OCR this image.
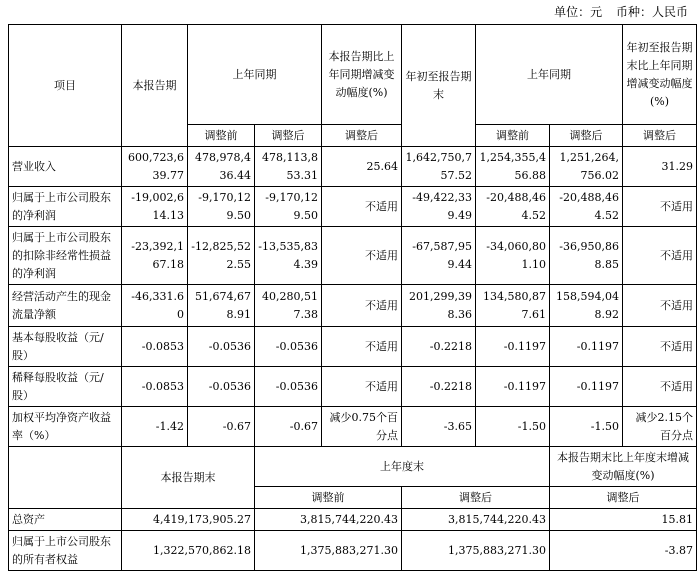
单位：元 币种：人民币
项目	本报告期	上年同期		本报告期比上年同期增减变动幅度(%)	年初至报告期末	上年同期		年初至报告期末比上年同期增减变动幅度(%)
		调整前	调整后	调整后		调整前	调整后	调整后
营业收入	600,723,639.77	478,978,436.44	478,113,853.31	25.64	1,642,750,757.52	1,254,355,456.88	1,251,264,756.02	31.29
归属于上市公司股东的净利润	-19,002,614.13	-9,170,129.50	-9,170,129.50	不适用	-49,422,339.49	-20,488,464.52	-20,488,464.52	不适用
归属于上市公司股东的扣除非经常性损益的净利润	-23,392,167.18	-12,825,522.55	-13,535,834.39	不适用	-67,587,959.44	-34,060,801.10	-36,950,868.85	不适用
经营活动产生的现金流量净额	-46,331.60	51,674,678.91	40,280,517.38	不适用	201,299,398.36	134,580,877.61	158,594,048.92	不适用
基本每股收益（元/股）	-0.0853	-0.0536	-0.0536	不适用	-0.2218	-0.1197	-0.1197	不适用
稀释每股收益（元/股）	-0.0853	-0.0536	-0.0536	不适用	-0.2218	-0.1197	-0.1197	不适用
加权平均净资产收益率（%）	-1.42	-0.67	-0.67	减少0.75个百分点	-3.65	-1.50	-1.50	减少2.15个百分点
	本报告期末	上年度末		本报告期末比上年度末增减变动幅度(%)
		调整前	调整后	调整后
总资产	4,419,173,905.27	3,815,744,220.43	3,815,744,220.43	15.81
归属于上市公司股东的所有者权益	1,322,570,862.18	1,375,883,271.30	1,375,883,271.30	-3.87
